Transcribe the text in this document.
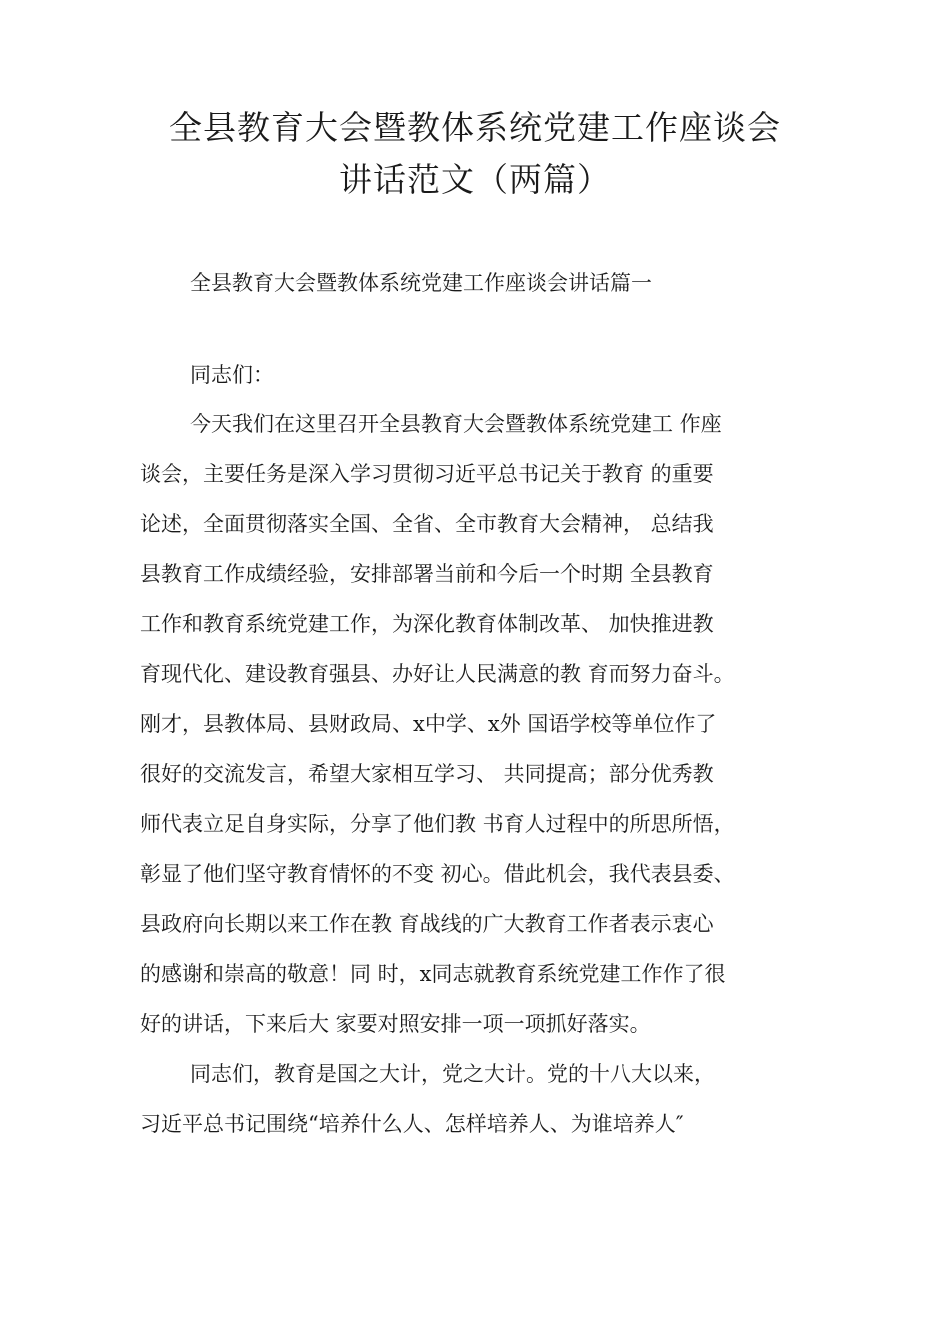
全县教育大会暨教体系统党建工作座谈会
讲话范文（两篇）
全县教育大会暨教体系统党建工作座谈会讲话篇一
同志们：
今天我们在这里召开全县教育大会暨教体系统党建工 作座
谈会，主要任务是深入学习贯彻习近平总书记关于教育 的重要
论述，全面贯彻落实全国、全省、全市教育大会精神， 总结我
县教育工作成绩经验，安排部署当前和今后一个时期 全县教育
工作和教育系统党建工作，为深化教育体制改革、 加快推进教
育现代化、建设教育强县、办好让人民满意的教 育而努力奋斗。
刚才，县教体局、县财政局、x中学、x外 国语学校等单位作了
很好的交流发言，希望大家相互学习、 共同提高；部分优秀教
师代表立足自身实际，分享了他们教 书育人过程中的所思所悟，
彰显了他们坚守教育情怀的不变 初心。借此机会，我代表县委、
县政府向长期以来工作在教 育战线的广大教育工作者表示衷心
的感谢和崇高的敬意！同 时，x同志就教育系统党建工作作了很
好的讲话，下来后大 家要对照安排一项一项抓好落实。
同志们，教育是国之大计，党之大计。党的十八大以来，
习近平总书记围绕“培养什么人、怎样培养人、为谁培养人″
